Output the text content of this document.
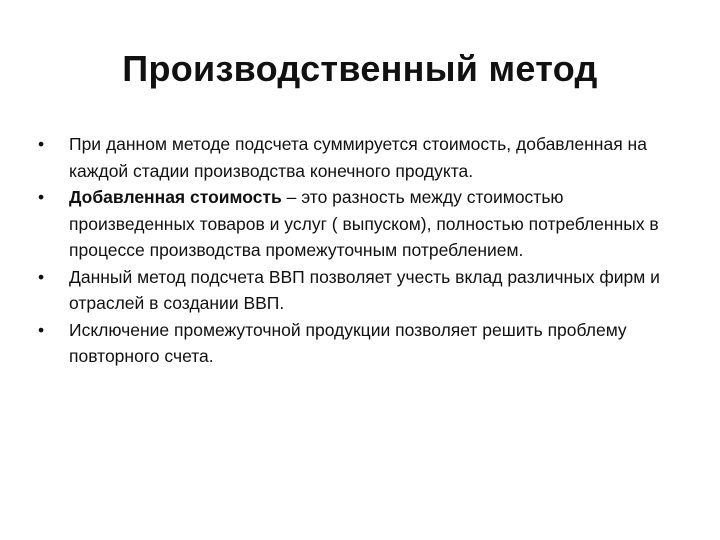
Производственный метод
•	При данном методе подсчета суммируется стоимость, добавленная на каждой стадии производства конечного продукта.
•	Добавленная стоимость – это разность между стоимостью произведенных товаров и услуг ( выпуском), полностью потребленных в процессе производства промежуточным потреблением.
•	Данный метод подсчета ВВП позволяет учесть вклад различных фирм и отраслей в создании ВВП.
•	Исключение промежуточной продукции позволяет решить проблему повторного счета.
